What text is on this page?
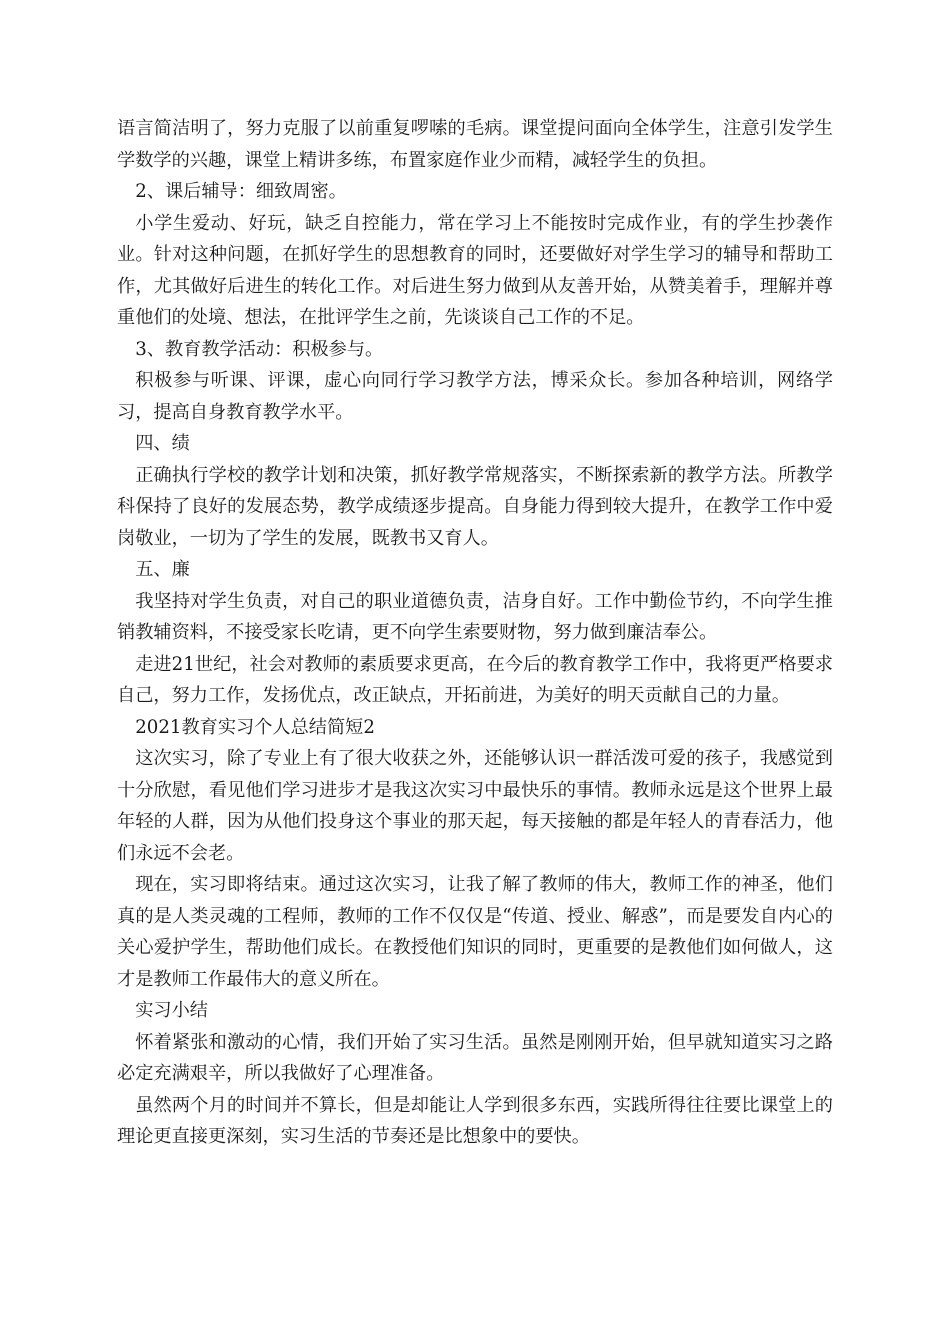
语言简洁明了，努力克服了以前重复啰嗦的毛病。课堂提问面向全体学生，注意引发学生学数学的兴趣，课堂上精讲多练，布置家庭作业少而精，减轻学生的负担。

2、课后辅导：细致周密。

小学生爱动、好玩，缺乏自控能力，常在学习上不能按时完成作业，有的学生抄袭作业。针对这种问题，在抓好学生的思想教育的同时，还要做好对学生学习的辅导和帮助工作，尤其做好后进生的转化工作。对后进生努力做到从友善开始，从赞美着手，理解并尊重他们的处境、想法，在批评学生之前，先谈谈自己工作的不足。

3、教育教学活动：积极参与。

积极参与听课、评课，虚心向同行学习教学方法，博采众长。参加各种培训，网络学习，提高自身教育教学水平。

四、绩

正确执行学校的教学计划和决策，抓好教学常规落实，不断探索新的教学方法。所教学科保持了良好的发展态势，教学成绩逐步提高。自身能力得到较大提升，在教学工作中爱岗敬业，一切为了学生的发展，既教书又育人。

五、廉

我坚持对学生负责，对自己的职业道德负责，洁身自好。工作中勤俭节约，不向学生推销教辅资料，不接受家长吃请，更不向学生索要财物，努力做到廉洁奉公。

走进21世纪，社会对教师的素质要求更高，在今后的教育教学工作中，我将更严格要求自己，努力工作，发扬优点，改正缺点，开拓前进，为美好的明天贡献自己的力量。

2021教育实习个人总结简短2

这次实习，除了专业上有了很大收获之外，还能够认识一群活泼可爱的孩子，我感觉到十分欣慰，看见他们学习进步才是我这次实习中最快乐的事情。教师永远是这个世界上最年轻的人群，因为从他们投身这个事业的那天起，每天接触的都是年轻人的青春活力，他们永远不会老。

现在，实习即将结束。通过这次实习，让我了解了教师的伟大，教师工作的神圣，他们真的是人类灵魂的工程师，教师的工作不仅仅是“传道、授业、解惑”，而是要发自内心的关心爱护学生，帮助他们成长。在教授他们知识的同时，更重要的是教他们如何做人，这才是教师工作最伟大的意义所在。

实习小结

怀着紧张和激动的心情，我们开始了实习生活。虽然是刚刚开始，但早就知道实习之路必定充满艰辛，所以我做好了心理准备。

虽然两个月的时间并不算长，但是却能让人学到很多东西，实践所得往往要比课堂上的理论更直接更深刻，实习生活的节奏还是比想象中的要快。
